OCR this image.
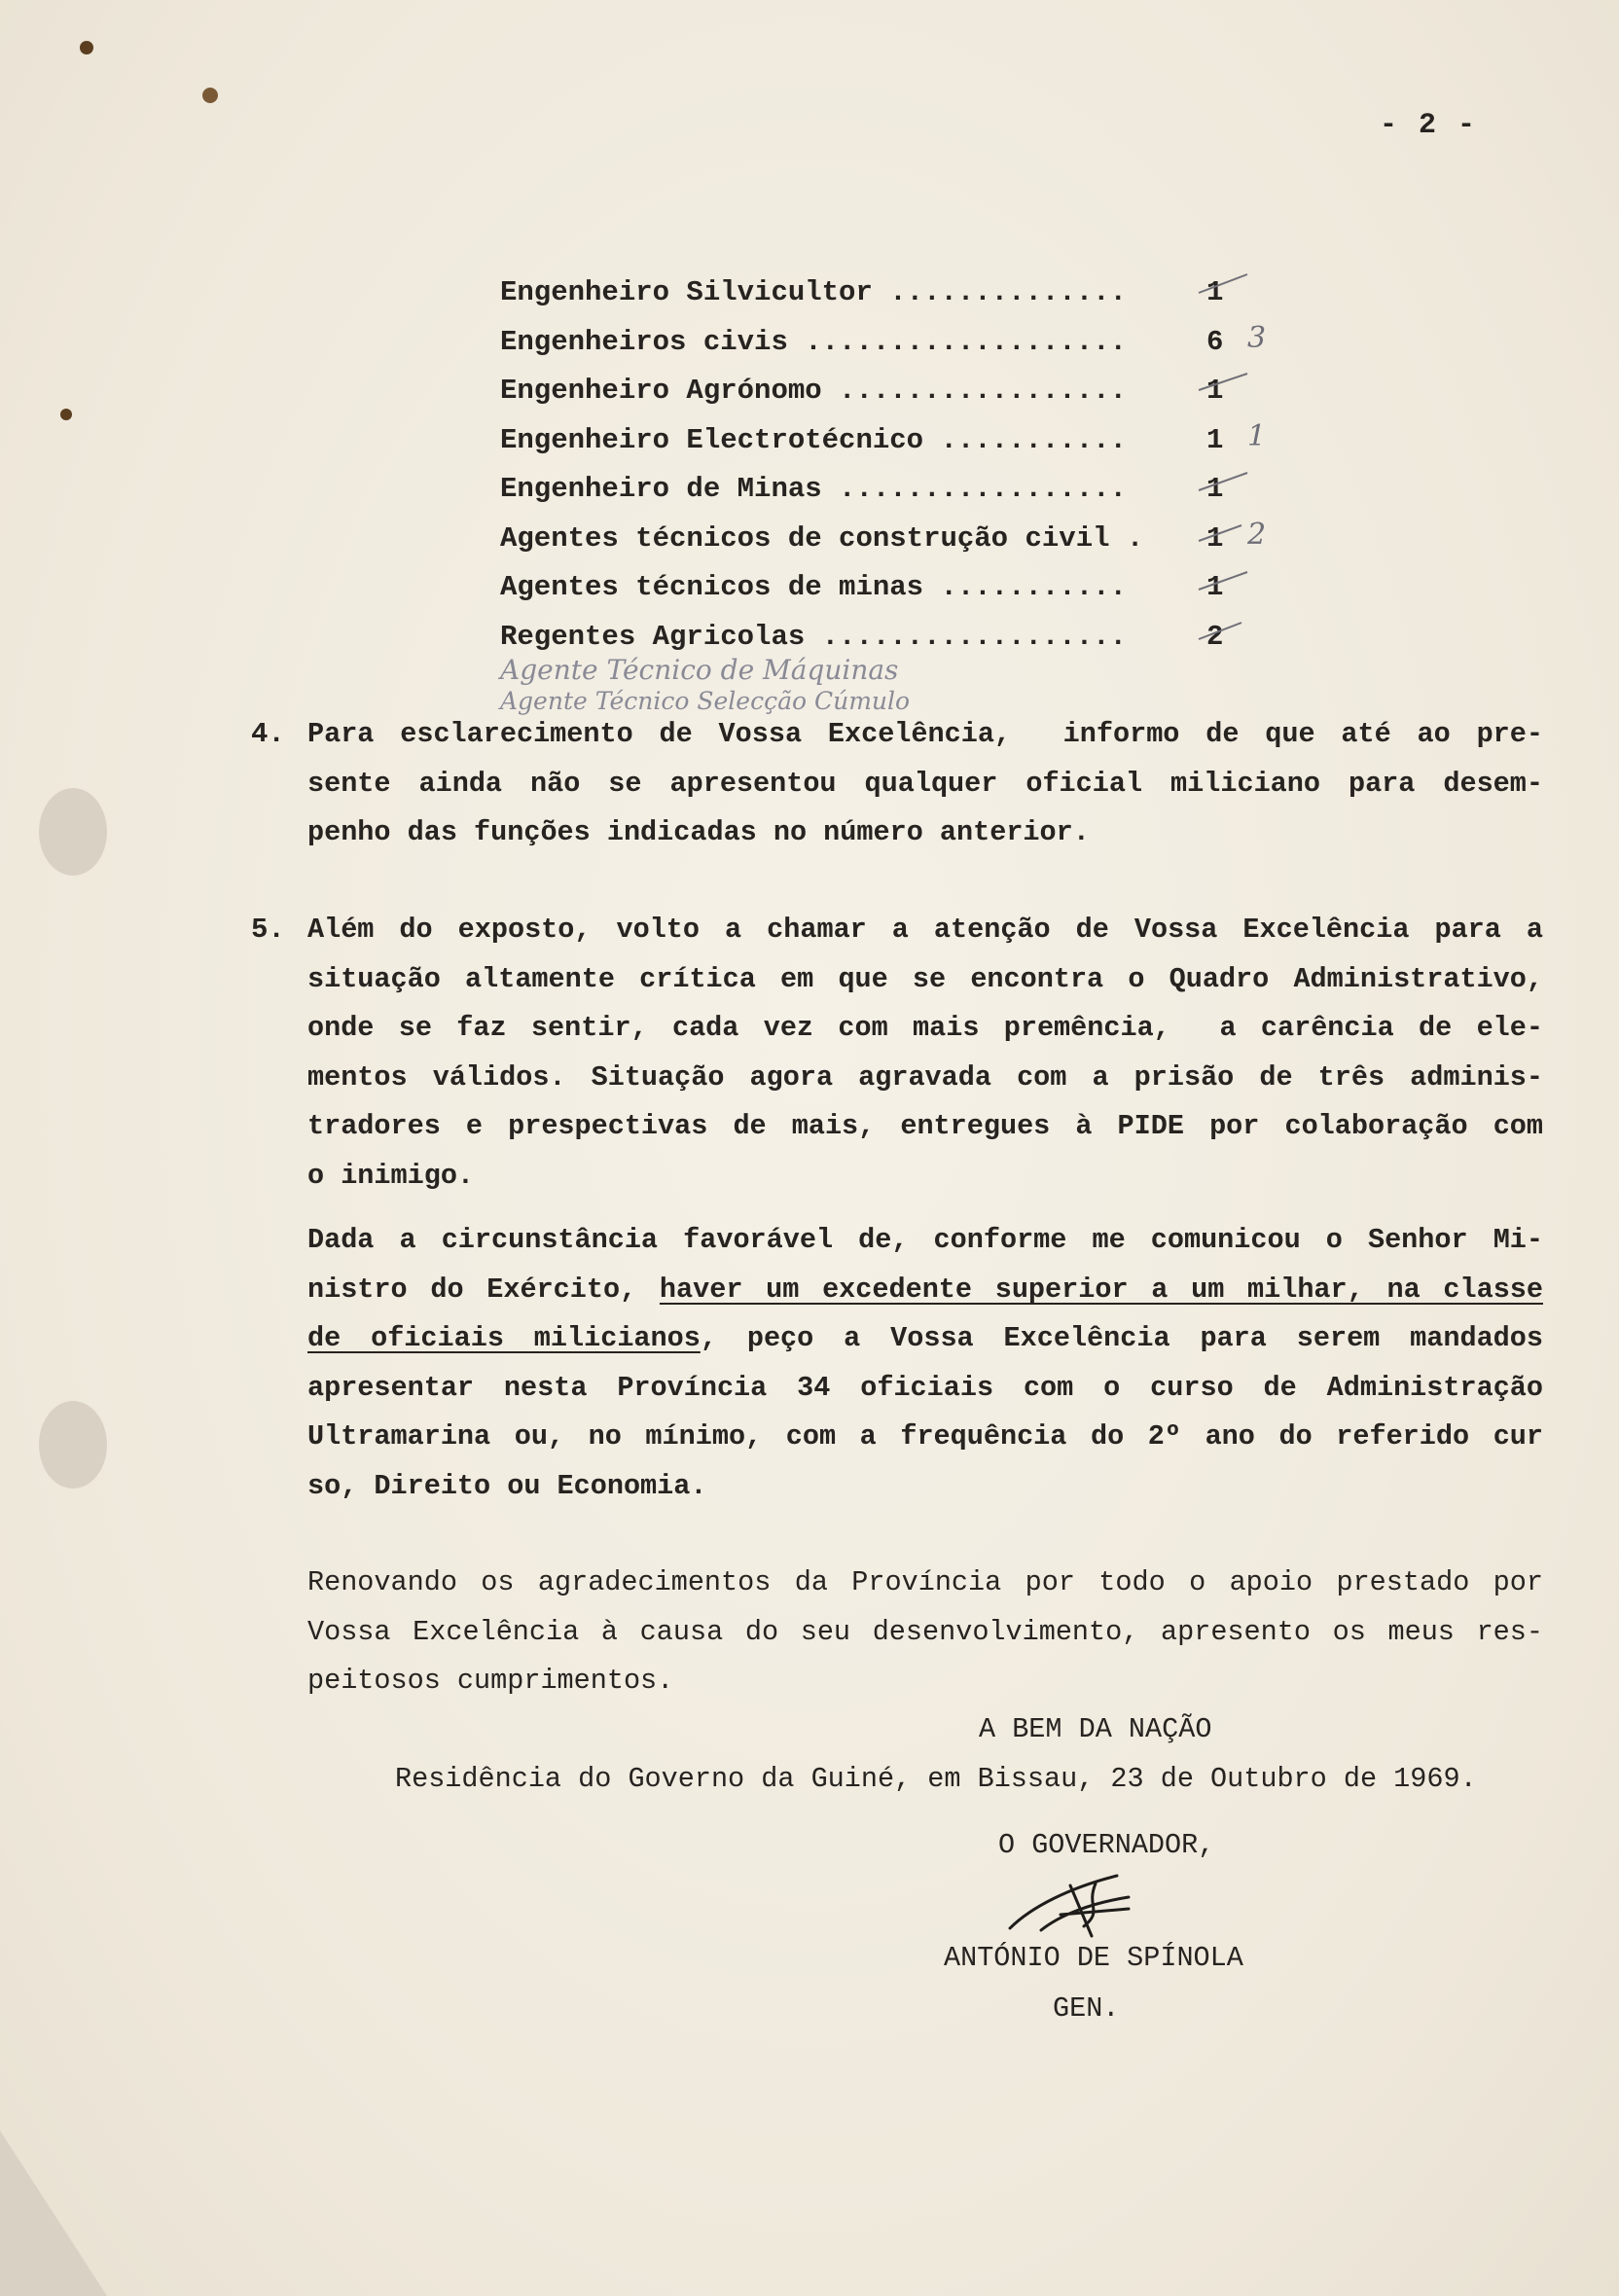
- 2 -
Engenheiro Silvicultor ..............	1
Engenheiros civis ...................	6 3
Engenheiro Agrónomo .................	1
Engenheiro Electrotécnico ...........	1 1
Engenheiro de Minas .................	1
Agentes técnicos de construção civil . 1 2
Agentes técnicos de minas ...........	1
Regentes Agricolas ..................	2
Agente Técnico de Máquinas
Agente Técnico Selecção Cúmulo
4. Para esclarecimento de Vossa Excelência,  informo de que até ao pre-
sente ainda não se apresentou qualquer oficial miliciano para desem-
penho das funções indicadas no número anterior.
5. Além do exposto, volto a chamar a atenção de Vossa Excelência para a
situação altamente crítica em que se encontra o Quadro Administrativo,
onde se faz sentir, cada vez com mais premência,  a carência de ele-
mentos válidos. Situação agora agravada com a prisão de três adminis-
tradores e prespectivas de mais, entregues à PIDE por colaboração com
o inimigo.
Dada a circunstância favorável de, conforme me comunicou o Senhor Mi-
nistro do Exército, haver um excedente superior a um milhar, na classe
de oficiais milicianos, peço a Vossa Excelência para serem mandados
apresentar nesta Província 34 oficiais com o curso de Administração
Ultramarina ou, no mínimo, com a frequência do 2º ano do referido cur
so, Direito ou Economia.
Renovando os agradecimentos da Província por todo o apoio prestado por
Vossa Excelência à causa do seu desenvolvimento, apresento os meus res-
peitosos cumprimentos.
A BEM DA NAÇÃO
Residência do Governo da Guiné, em Bissau, 23 de Outubro de 1969.
O GOVERNADOR,
ANTÓNIO DE SPÍNOLA
GEN.
